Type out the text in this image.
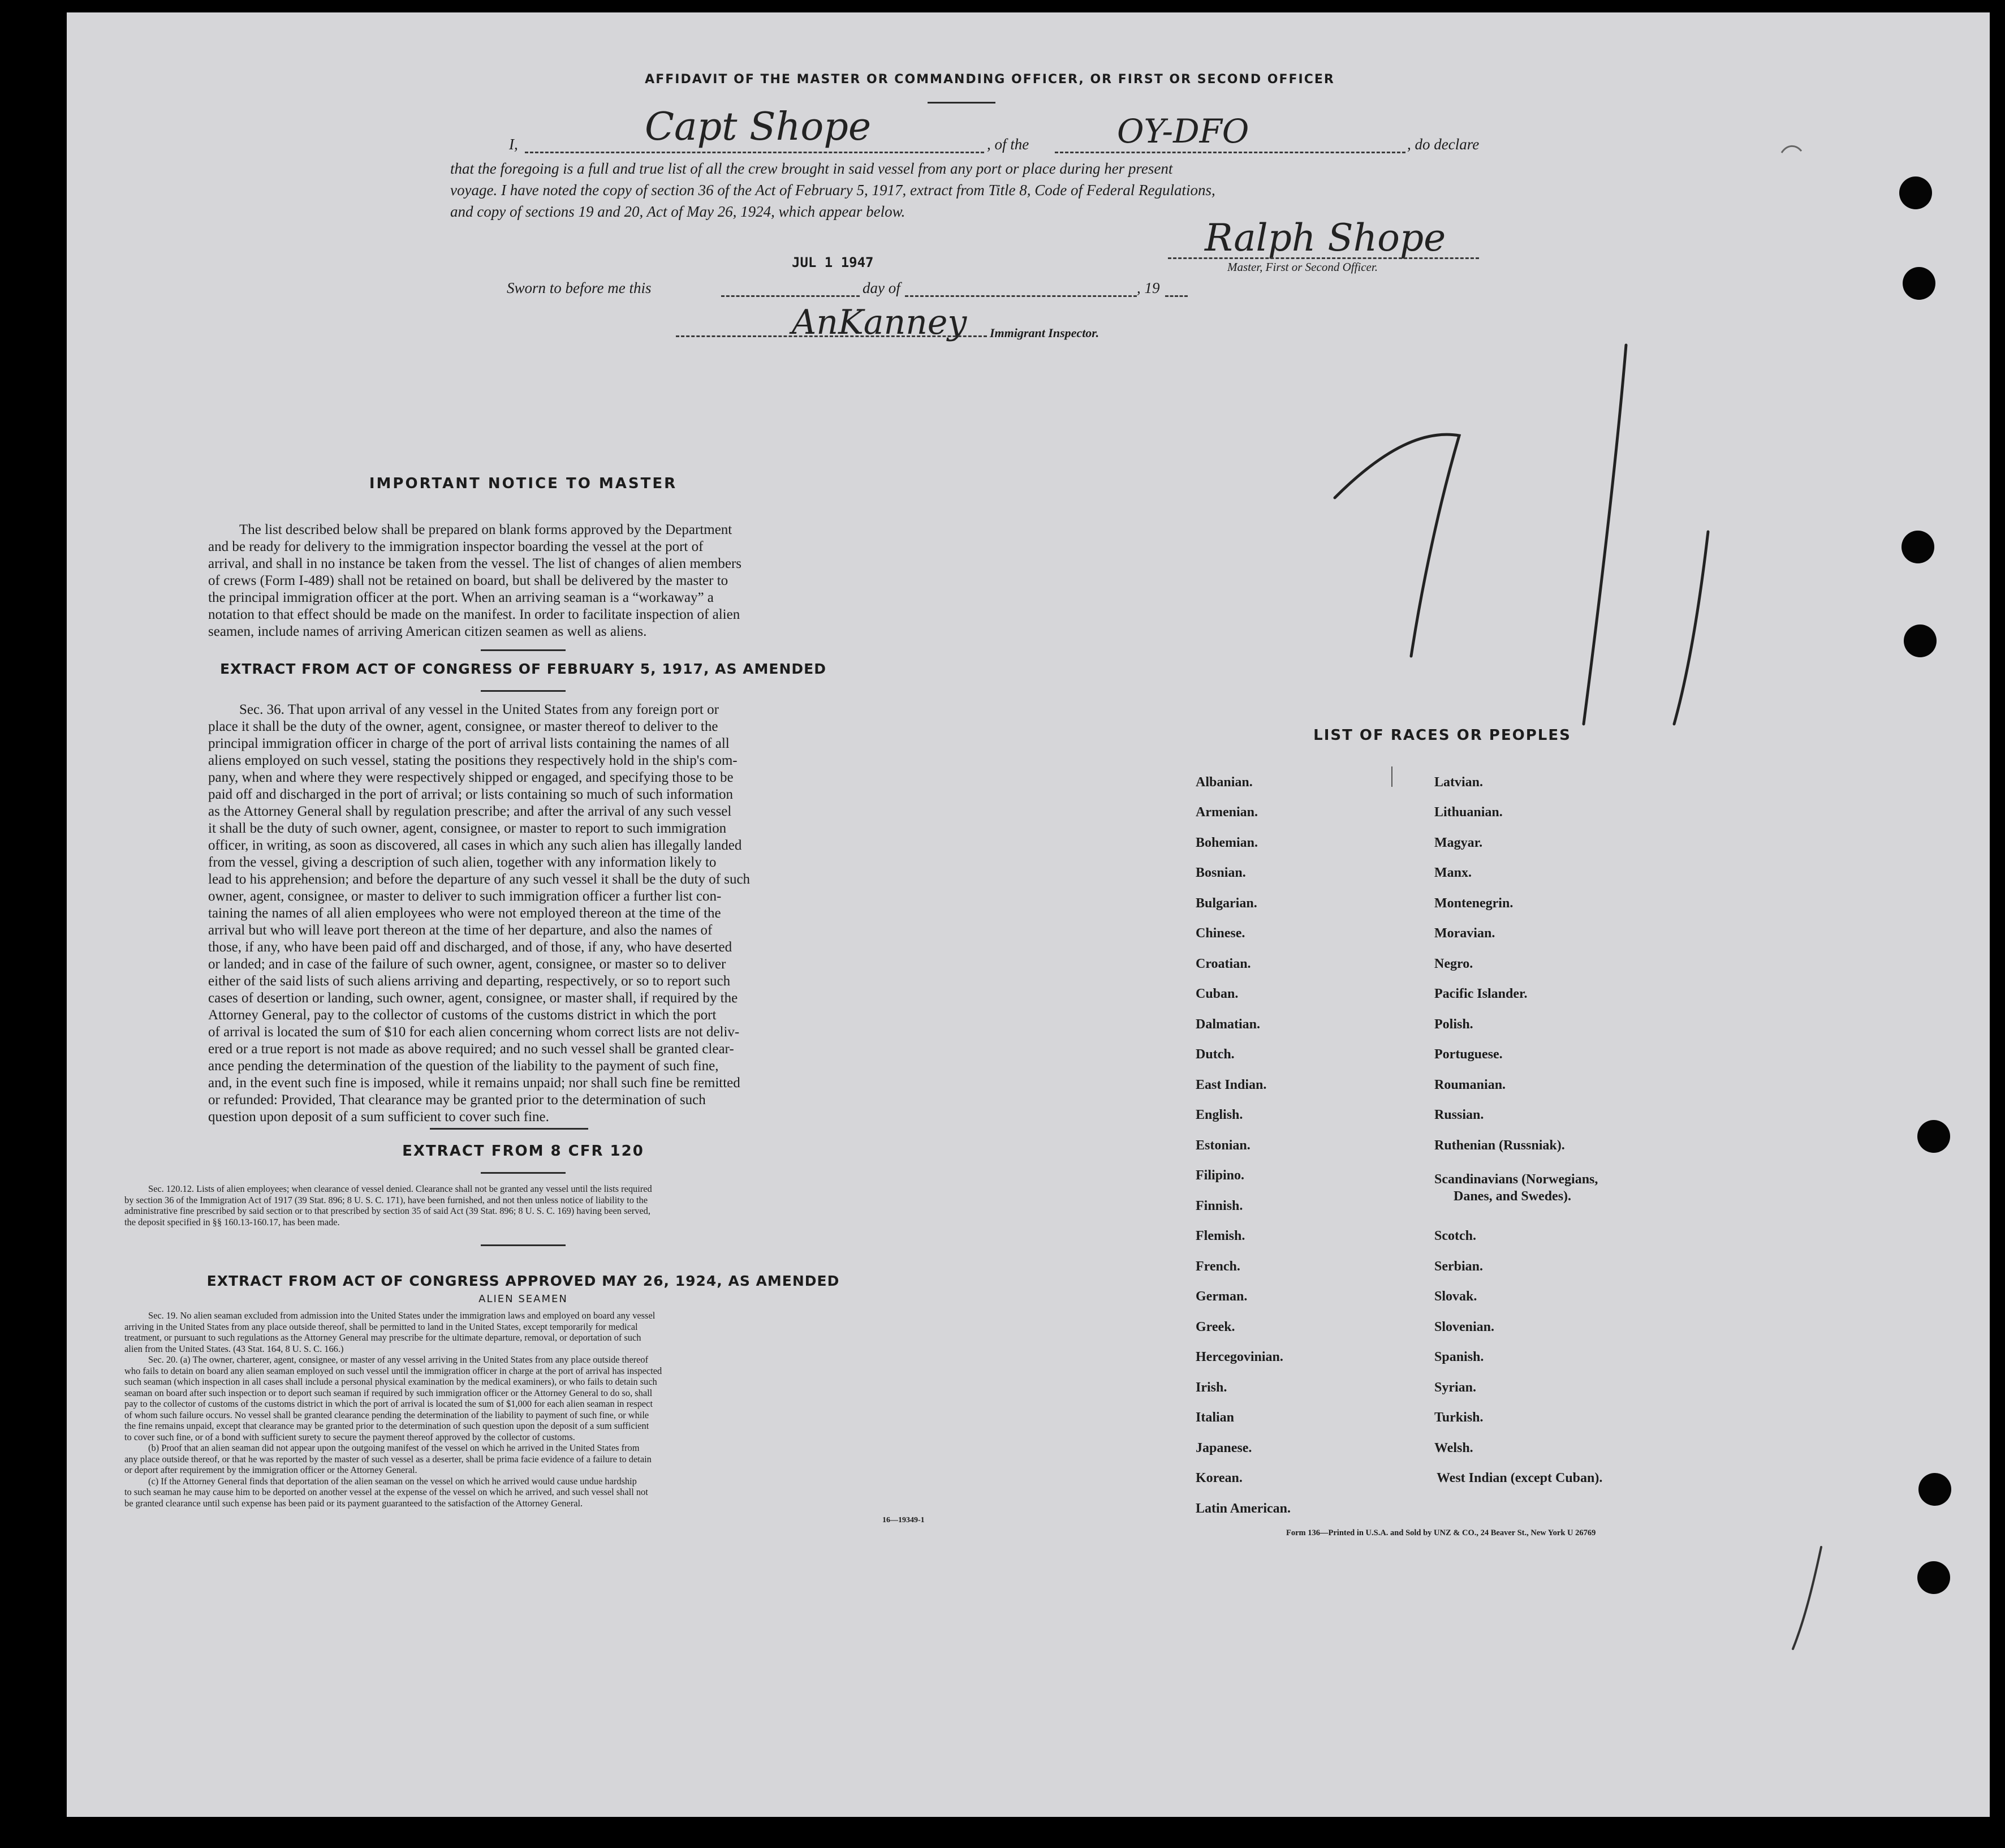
AFFIDAVIT OF THE MASTER OR COMMANDING OFFICER, OR FIRST OR SECOND OFFICER
I,	Capt Shope	, of the	OY-DFO	, do declare
that the foregoing is a full and true list of all the crew brought in said vessel from any port or place during her present
voyage. I have noted the copy of section 36 of the Act of February 5, 1917, extract from Title 8, Code of Federal Regulations,
and copy of sections 19 and 20, Act of May 26, 1924, which appear below.
Ralph Shope
Master, First or Second Officer.
JUL 1 1947
Sworn to before me this	day of	, 19
AnKanney Immigrant Inspector.
IMPORTANT NOTICE TO MASTER
The list described below shall be prepared on blank forms approved by the Department
and be ready for delivery to the immigration inspector boarding the vessel at the port of
arrival, and shall in no instance be taken from the vessel. The list of changes of alien members
of crews (Form I-489) shall not be retained on board, but shall be delivered by the master to
the principal immigration officer at the port. When an arriving seaman is a “workaway” a
notation to that effect should be made on the manifest. In order to facilitate inspection of alien
seamen, include names of arriving American citizen seamen as well as aliens.
EXTRACT FROM ACT OF CONGRESS OF FEBRUARY 5, 1917, AS AMENDED
Sec. 36. That upon arrival of any vessel in the United States from any foreign port or
place it shall be the duty of the owner, agent, consignee, or master thereof to deliver to the
principal immigration officer in charge of the port of arrival lists containing the names of all
aliens employed on such vessel, stating the positions they respectively hold in the ship's com-
pany, when and where they were respectively shipped or engaged, and specifying those to be
paid off and discharged in the port of arrival; or lists containing so much of such information
as the Attorney General shall by regulation prescribe; and after the arrival of any such vessel
it shall be the duty of such owner, agent, consignee, or master to report to such immigration
officer, in writing, as soon as discovered, all cases in which any such alien has illegally landed
from the vessel, giving a description of such alien, together with any information likely to
lead to his apprehension; and before the departure of any such vessel it shall be the duty of such
owner, agent, consignee, or master to deliver to such immigration officer a further list con-
taining the names of all alien employees who were not employed thereon at the time of the
arrival but who will leave port thereon at the time of her departure, and also the names of
those, if any, who have been paid off and discharged, and of those, if any, who have deserted
or landed; and in case of the failure of such owner, agent, consignee, or master so to deliver
either of the said lists of such aliens arriving and departing, respectively, or so to report such
cases of desertion or landing, such owner, agent, consignee, or master shall, if required by the
Attorney General, pay to the collector of customs of the customs district in which the port
of arrival is located the sum of $10 for each alien concerning whom correct lists are not deliv-
ered or a true report is not made as above required; and no such vessel shall be granted clear-
ance pending the determination of the question of the liability to the payment of such fine,
and, in the event such fine is imposed, while it remains unpaid; nor shall such fine be remitted
or refunded: Provided, That clearance may be granted prior to the determination of such
question upon deposit of a sum sufficient to cover such fine.
EXTRACT FROM 8 CFR 120
Sec. 120.12. Lists of alien employees; when clearance of vessel denied. Clearance shall not be granted any vessel until the lists required
by section 36 of the Immigration Act of 1917 (39 Stat. 896; 8 U. S. C. 171), have been furnished, and not then unless notice of liability to the
administrative fine prescribed by said section or to that prescribed by section 35 of said Act (39 Stat. 896; 8 U. S. C. 169) having been served,
the deposit specified in §§ 160.13-160.17, has been made.
EXTRACT FROM ACT OF CONGRESS APPROVED MAY 26, 1924, AS AMENDED
ALIEN SEAMEN
Sec. 19. No alien seaman excluded from admission into the United States under the immigration laws and employed on board any vessel
arriving in the United States from any place outside thereof, shall be permitted to land in the United States, except temporarily for medical
treatment, or pursuant to such regulations as the Attorney General may prescribe for the ultimate departure, removal, or deportation of such
alien from the United States. (43 Stat. 164, 8 U. S. C. 166.)
Sec. 20. (a) The owner, charterer, agent, consignee, or master of any vessel arriving in the United States from any place outside thereof
who fails to detain on board any alien seaman employed on such vessel until the immigration officer in charge at the port of arrival has inspected
such seaman (which inspection in all cases shall include a personal physical examination by the medical examiners), or who fails to detain such
seaman on board after such inspection or to deport such seaman if required by such immigration officer or the Attorney General to do so, shall
pay to the collector of customs of the customs district in which the port of arrival is located the sum of $1,000 for each alien seaman in respect
of whom such failure occurs. No vessel shall be granted clearance pending the determination of the liability to payment of such fine, or while
the fine remains unpaid, except that clearance may be granted prior to the determination of such question upon the deposit of a sum sufficient
to cover such fine, or of a bond with sufficient surety to secure the payment thereof approved by the collector of customs.
(b) Proof that an alien seaman did not appear upon the outgoing manifest of the vessel on which he arrived in the United States from
any place outside thereof, or that he was reported by the master of such vessel as a deserter, shall be prima facie evidence of a failure to detain
or deport after requirement by the immigration officer or the Attorney General.
(c) If the Attorney General finds that deportation of the alien seaman on the vessel on which he arrived would cause undue hardship
to such seaman he may cause him to be deported on another vessel at the expense of the vessel on which he arrived, and such vessel shall not
be granted clearance until such expense has been paid or its payment guaranteed to the satisfaction of the Attorney General.
16—19349-1
LIST OF RACES OR PEOPLES
Albanian.
Armenian.
Bohemian.
Bosnian.
Bulgarian.
Chinese.
Croatian.
Cuban.
Dalmatian.
Dutch.
East Indian.
English.
Estonian.
Filipino.
Finnish.
Flemish.
French.
German.
Greek.
Hercegovinian.
Irish.
Italian
Japanese.
Korean.
Latin American.
Latvian.
Lithuanian.
Magyar.
Manx.
Montenegrin.
Moravian.
Negro.
Pacific Islander.
Polish.
Portuguese.
Roumanian.
Russian.
Ruthenian (Russniak).
Scandinavians (Norwegians,
Danes, and Swedes).
Scotch.
Serbian.
Slovak.
Slovenian.
Spanish.
Syrian.
Turkish.
Welsh.
West Indian (except Cuban).
Form 136—Printed in U.S.A. and Sold by UNZ & CO., 24 Beaver St., New York U 26769
